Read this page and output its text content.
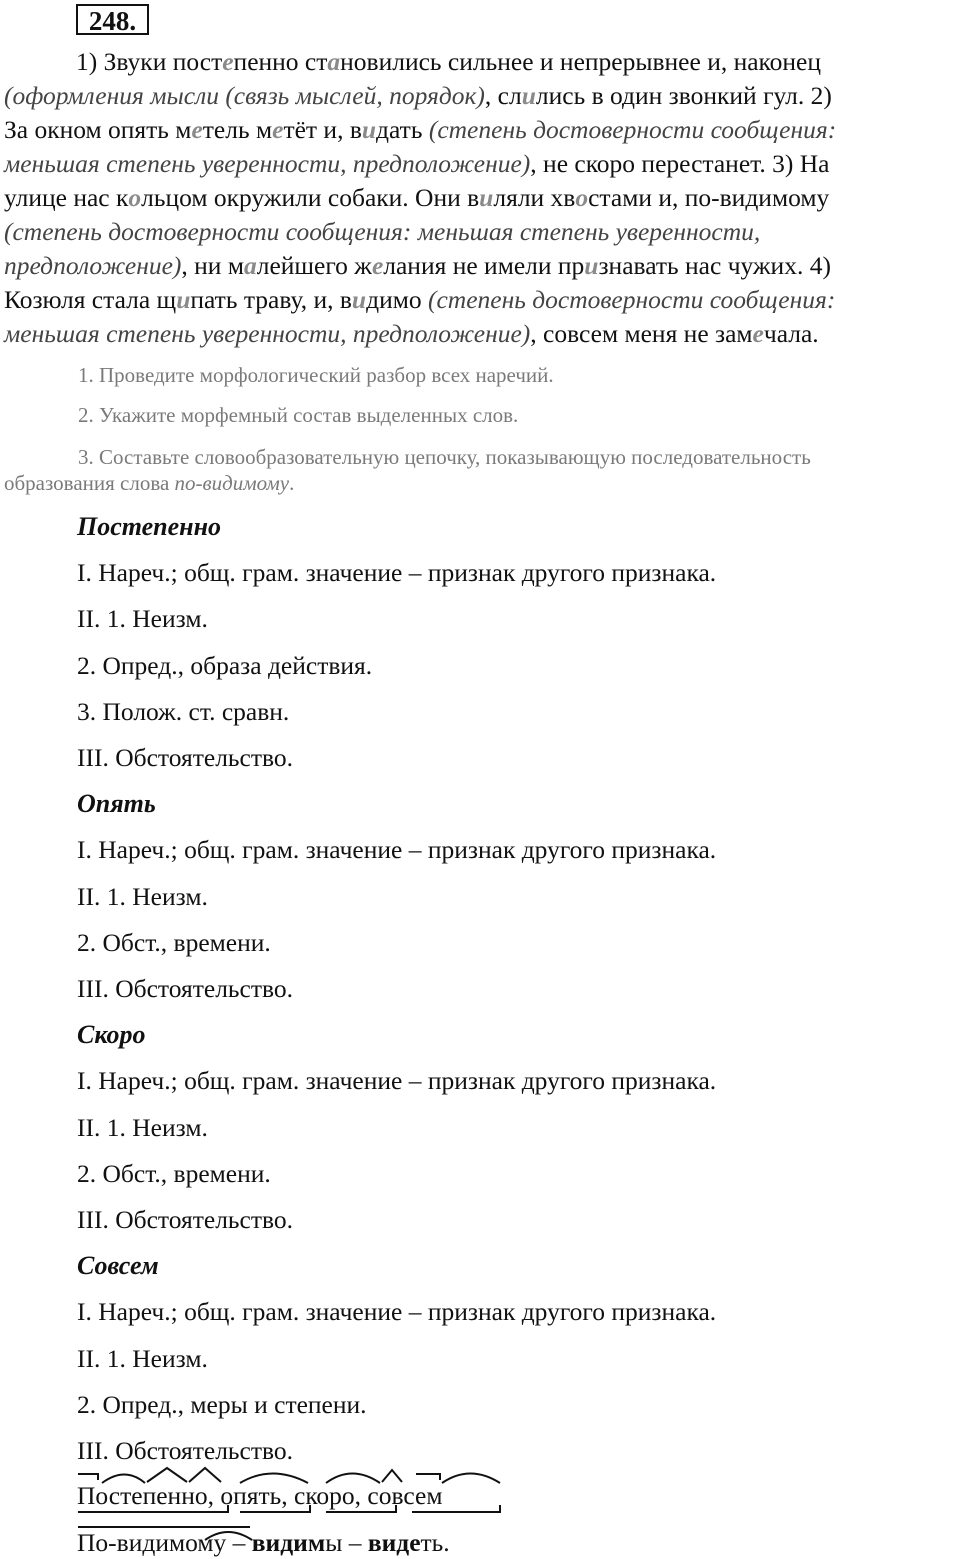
248.
1) Звуки постепенно становились сильнее и непрерывнее и, наконец
(оформления мысли (связь мыслей, порядок), слились в один звонкий гул. 2)
За окном опять метель метёт и, видать (степень достоверности сообщения:
меньшая степень уверенности, предположение), не скоро перестанет. 3) На
улице нас кольцом окружили собаки. Они виляли хвостами и, по-видимому
(степень достоверности сообщения: меньшая степень уверенности,
предположение), ни малейшего желания не имели признавать нас чужих. 4)
Козюля стала щипать траву, и, видимо (степень достоверности сообщения:
меньшая степень уверенности, предположение), совсем меня не замечала.
1. Проведите морфологический разбор всех наречий.
2. Укажите морфемный состав выделенных слов.
3. Составьте словообразовательную цепочку, показывающую последовательность
образования слова по-видимому.
Постепенно
I. Нареч.; общ. грам. значение – признак другого признака.
II. 1. Неизм.
2. Опред., образа действия.
3. Полож. ст. сравн.
III. Обстоятельство.
Опять
I. Нареч.; общ. грам. значение – признак другого признака.
II. 1. Неизм.
2. Обст., времени.
III. Обстоятельство.
Скоро
I. Нареч.; общ. грам. значение – признак другого признака.
II. 1. Неизм.
2. Обст., времени.
III. Обстоятельство.
Совсем
I. Нареч.; общ. грам. значение – признак другого признака.
II. 1. Неизм.
2. Опред., меры и степени.
III. Обстоятельство.
Постепенно, опять, скоро, совсем
По-видимому – видимы – видеть.
